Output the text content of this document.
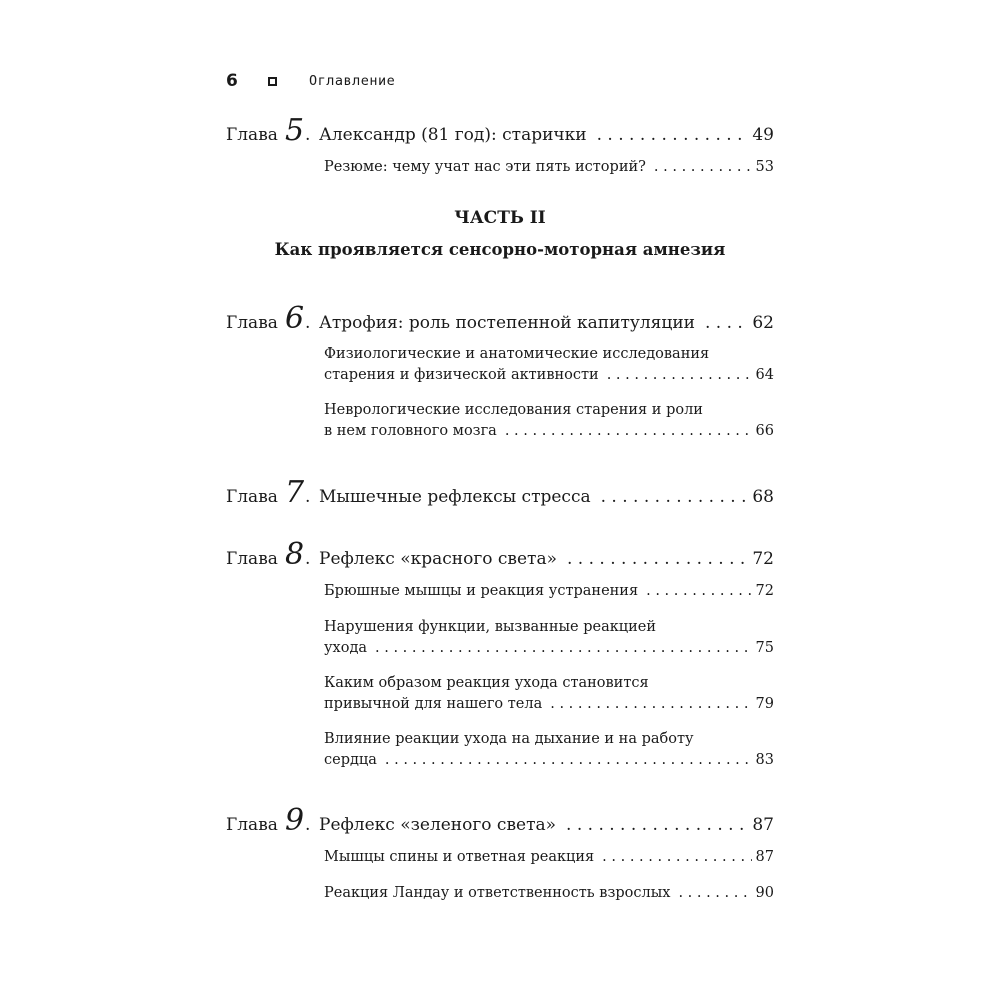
6	Оглавление
Глава 5 . Александр (81 год): старички . . .	49
Резюме: чему учат нас эти пять историй? . . .	53
ЧАСТЬ II
Как проявляется сенсорно-моторная амнезия
Глава 6 . Атрофия: роль постепенной капитуляции . . .	62
Физиологические и анатомические исследования
старения и физической активности . . .	64
Неврологические исследования старения и роли
в нем головного мозга . . .	66
Глава 7 . Мышечные рефлексы стресса . . .	68
Глава 8 . Рефлекс «красного света» . . .	72
Брюшные мышцы и реакция устранения . . .	72
Нарушения функции, вызванные реакцией
ухода . . .	75
Каким образом реакция ухода становится
привычной для нашего тела . . .	79
Влияние реакции ухода на дыхание и на работу
сердца . . .	83
Глава 9 . Рефлекс «зеленого света» . . .	87
Мышцы спины и ответная реакция . . .	87
Реакция Ландау и ответственность взрослых . . .	90
